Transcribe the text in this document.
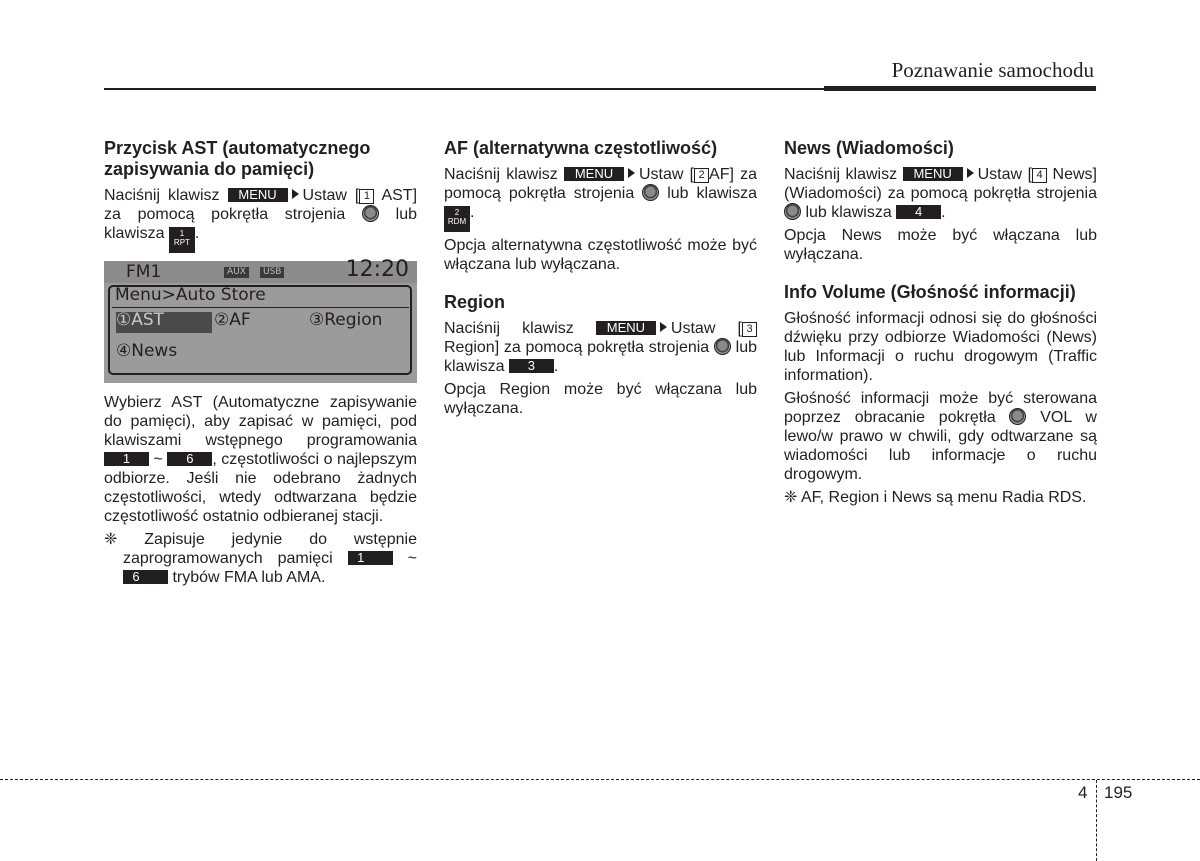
Poznawanie samochodu
Przycisk AST (automatycznego zapisywania do pamięci)

Naciśnij klawisz MENU Ustaw [ 1 AST] za pomocą pokrętła strojenia	lub klawisza	1
RPT
.

FM1	AUX	USB	12:20
Menu>Auto Store
①AST	②AF	③Region
④News

Wybierz AST (Automatyczne zapisywanie do pamięci), aby zapisać w pamięci, pod klawiszami wstępnego programowania 1 ~ 6 , częstotliwości o najlepszym odbiorze. Jeśli nie odebrano żadnych częstotliwości, wtedy odtwarzana będzie częstotliwość ostatnio odbieranej stacji.

❈ Zapisuje jedynie do wstępnie zaprogramowanych pamięci 1	~ 6 trybów FMA lub AMA.

AF (alternatywna częstotliwość)

Naciśnij klawisz MENU Ustaw [ 2 AF] za pomocą pokrętła strojenia lub klawisza
2
RDM
.

Opcja alternatywna częstotliwość może być włączana lub wyłączana.

Region

Naciśnij klawisz	MENU Ustaw [ 3 Region] za pomocą pokrętła strojenia lub klawisza 3 .

Opcja Region może być włączana lub wyłączana.

News (Wiadomości)

Naciśnij klawisz MENU Ustaw [ 4 News] (Wiadomości) za pomocą pokrętła strojenia  lub klawisza 4 .

Opcja News może być włączana lub wyłączana.

Info Volume (Głośność informacji)

Głośność informacji odnosi się do głośności dźwięku przy odbiorze Wiadomości (News) lub Informacji o ruchu drogowym (Traffic information).

Głośność informacji może być sterowana poprzez obracanie pokrętła	VOL w lewo/w prawo w chwili, gdy odtwarzane są wiadomości lub informacje o ruchu drogowym.

❈ AF, Region i News są menu Radia RDS.

4 195
